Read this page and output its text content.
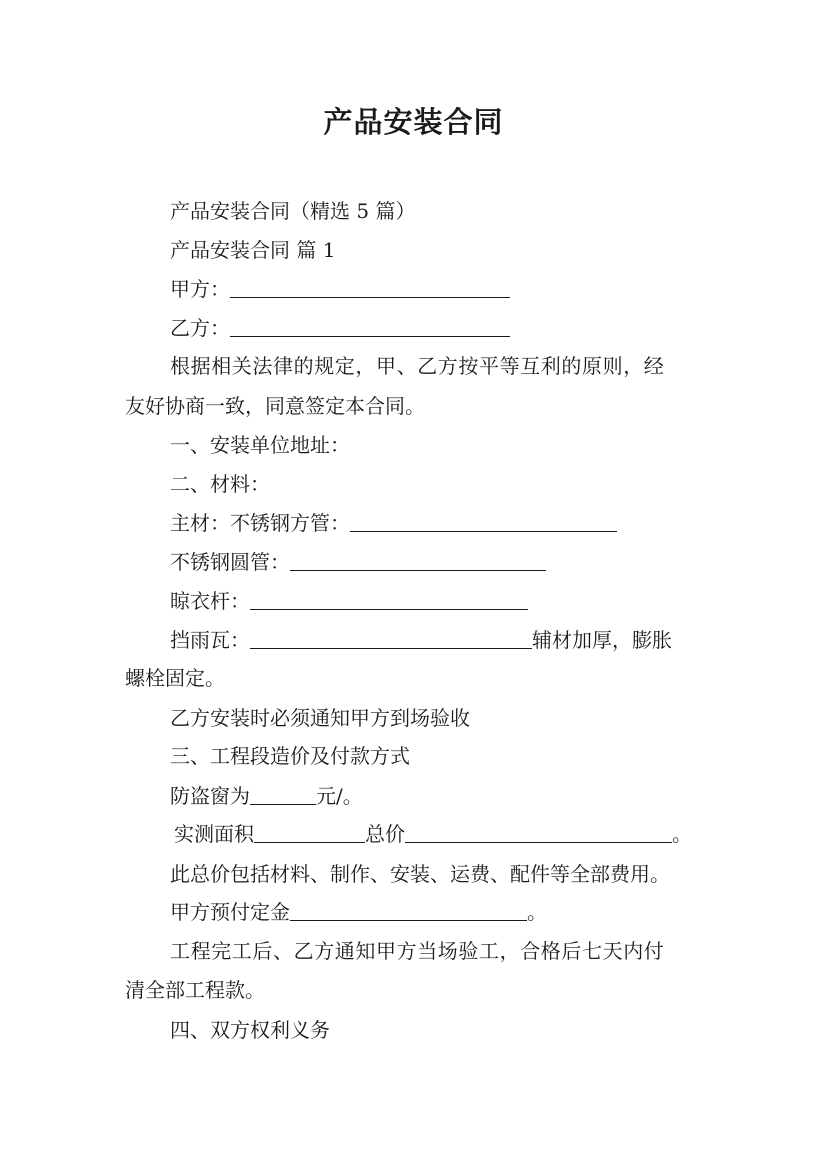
产品安装合同
产品安装合同（精选 5 篇）
产品安装合同 篇 1
甲方：
乙方：
根据相关法律的规定，甲、乙方按平等互利的原则，经
友好协商一致，同意签定本合同。
一、安装单位地址：
二、材料：
主材：不锈钢方管：
不锈钢圆管：
晾衣杆：
挡雨瓦：	辅材加厚，膨胀
螺栓固定。
乙方安装时必须通知甲方到场验收
三、工程段造价及付款方式
防盗窗为	元/。
实测面积	总价	。
此总价包括材料、制作、安装、运费、配件等全部费用。
甲方预付定金	。
工程完工后、乙方通知甲方当场验工，合格后七天内付
清全部工程款。
四、双方权利义务
